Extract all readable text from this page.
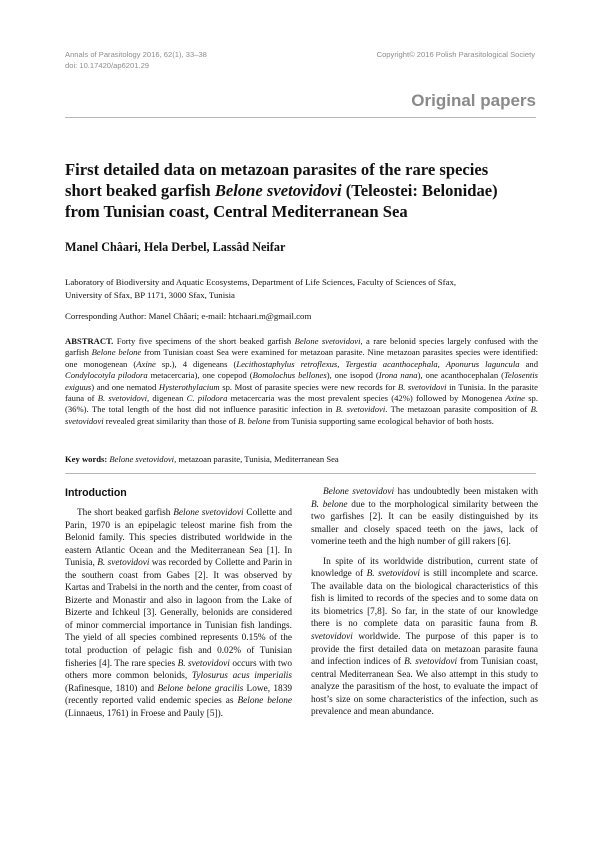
Annals of Parasitology 2016, 62(1), 33–38
doi: 10.17420/ap6201.29
Copyright© 2016 Polish Parasitological Society
Original papers
First detailed data on metazoan parasites of the rare species
short beaked garfish Belone svetovidovi (Teleostei: Belonidae)
from Tunisian coast, Central Mediterranean Sea
Manel Châari, Hela Derbel, Lassâd Neifar
Laboratory of Biodiversity and Aquatic Ecosystems, Department of Life Sciences, Faculty of Sciences of Sfax,
University of Sfax, BP 1171, 3000 Sfax, Tunisia
Corresponding Author: Manel Châari; e-mail: htchaari.m@gmail.com
ABSTRACT. Forty five specimens of the short beaked garfish Belone svetovidovi, a rare belonid species largely confused with the garfish Belone belone from Tunisian coast Sea were examined for metazoan parasite. Nine metazoan parasites species were identified: one monogenean (Axine sp.), 4 digeneans (Lecithostaphylus retroflexus, Tergestia acanthocephala, Aponurus laguncula and Condylocotyla pilodora metacercaria), one copepod (Bomolochus bellones), one isopod (Irona nana), one acanthocephalan (Telosentis exiguus) and one nematod Hysterothylacium sp. Most of parasite species were new records for B. svetovidovi in Tunisia. In the parasite fauna of B. svetovidovi, digenean C. pilodora metacercaria was the most prevalent species (42%) followed by Monogenea Axine sp. (36%). The total length of the host did not influence parasitic infection in B. svetovidovi. The metazoan parasite composition of B. svetovidovi revealed great similarity than those of B. belone from Tunisia supporting same ecological behavior of both hosts.
Key words: Belone svetovidovi, metazoan parasite, Tunisia, Mediterranean Sea
Introduction

The short beaked garfish Belone svetovidovi Collette and Parin, 1970 is an epipelagic teleost marine fish from the Belonid family. This species distributed worldwide in the eastern Atlantic Ocean and the Mediterranean Sea [1]. In Tunisia, B. svetovidovi was recorded by Collette and Parin in the southern coast from Gabes [2]. It was observed by Kartas and Trabelsi in the north and the center, from coast of Bizerte and Monastir and also in lagoon from the Lake of Bizerte and Ichkeul [3]. Generally, belonids are considered of minor commercial importance in Tunisian fish landings. The yield of all species combined represents 0.15% of the total production of pelagic fish and 0.02% of Tunisian fisheries [4]. The rare species B. svetovidovi occurs with two others more common belonids, Tylosurus acus imperialis (Rafinesque, 1810) and Belone belone gracilis Lowe, 1839 (recently reported valid endemic species as Belone belone (Linnaeus, 1761) in Froese and Pauly [5]).

Belone svetovidovi has undoubtedly been mistaken with B. belone due to the morphological similarity between the two garfishes [2]. It can be easily distinguished by its smaller and closely spaced teeth on the jaws, lack of vomerine teeth and the high number of gill rakers [6].

In spite of its worldwide distribution, current state of knowledge of B. svetovidovi is still incomplete and scarce. The available data on the biological characteristics of this fish is limited to records of the species and to some data on its biometrics [7,8]. So far, in the state of our knowledge there is no complete data on parasitic fauna from B. svetovidovi worldwide. The purpose of this paper is to provide the first detailed data on metazoan parasite fauna and infection indices of B. svetovidovi from Tunisian coast, central Mediterranean Sea. We also attempt in this study to analyze the parasitism of the host, to evaluate the impact of host’s size on some characteristics of the infection, such as prevalence and mean abundance.
